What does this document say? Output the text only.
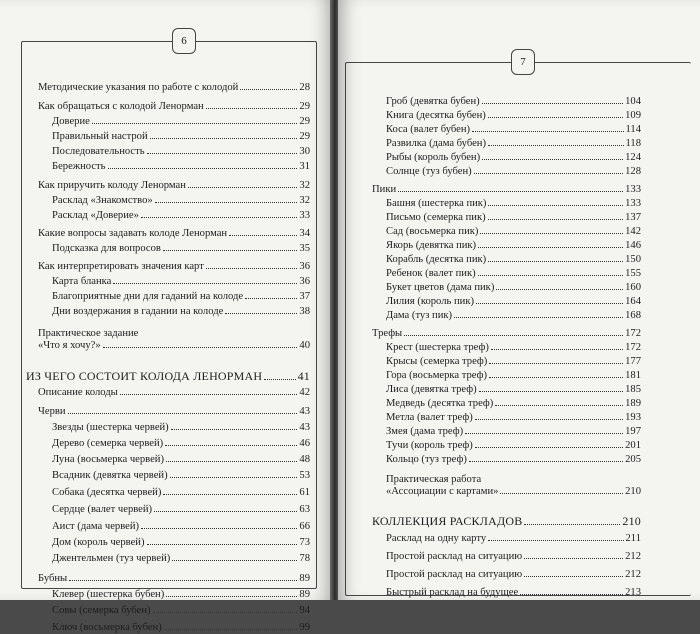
6
Методические указания по работе с колодой	28
Как обращаться с колодой Ленорман	29
Доверие	29
Правильный настрой	29
Последовательность	30
Бережность	31
Как приручить колоду Ленорман	32
Расклад «Знакомство»	32
Расклад «Доверие»	33
Какие вопросы задавать колоде Ленорман	34
Подсказка для вопросов	35
Как интерпретировать значения карт	36
Карта бланка	36
Благоприятные дни для гаданий на колоде	37
Дни воздержания в гадании на колоде	38
Практическое задание
«Что я хочу?»	40
ИЗ ЧЕГО СОСТОИТ КОЛОДА ЛЕНОРМАН	41
Описание колоды	42
Черви	43
Звезды (шестерка червей)	43
Дерево (семерка червей)	46
Луна (восьмерка червей)	48
Всадник (девятка червей)	53
Собака (десятка червей)	61
Сердце (валет червей)	63
Аист (дама червей)	66
Дом (король червей)	73
Джентельмен (туз червей)	78
Бубны	89
Клевер (шестерка бубен)	89
Совы (семерка бубен)	94
Ключ (восьмерка бубен)	99
7
Гроб (девятка бубен)	104
Книга (десятка бубен)	109
Коса (валет бубен)	114
Развилка (дама бубен)	118
Рыбы (король бубен)	124
Солнце (туз бубен)	128
Пики	133
Башня (шестерка пик)	133
Письмо (семерка пик)	137
Сад (восьмерка пик)	142
Якорь (девятка пик)	146
Корабль (десятка пик)	150
Ребенок (валет пик)	155
Букет цветов (дама пик)	160
Лилия (король пик)	164
Дама (туз пик)	168
Трефы	172
Крест (шестерка треф)	172
Крысы (семерка треф)	177
Гора (восьмерка треф)	181
Лиса (девятка треф)	185
Медведь (десятка треф)	189
Метла (валет треф)	193
Змея (дама треф)	197
Тучи (король треф)	201
Кольцо (туз треф)	205
Практическая работа
«Ассоциации с картами»	210
КОЛЛЕКЦИЯ РАСКЛАДОВ	210
Расклад на одну карту	211
Простой расклад на ситуацию	212
Простой расклад на ситуацию	212
Быстрый расклад на будущее	213
